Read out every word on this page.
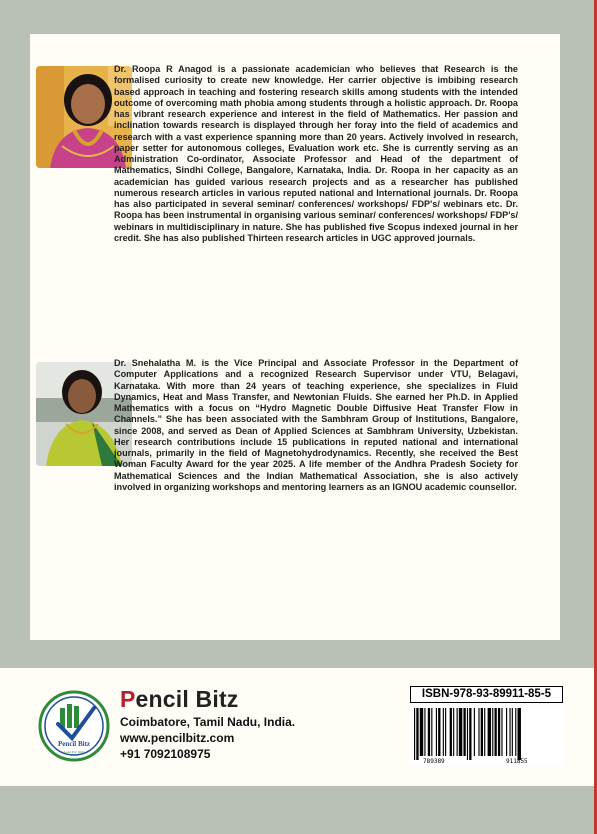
Dr. Roopa R Anagod is a passionate academician who believes that Research is the formalised curiosity to create new knowledge. Her carrier objective is imbibing research based approach in teaching and fostering research skills among students with the intended outcome of overcoming math phobia among students through a holistic approach. Dr. Roopa has vibrant research experience and interest in the field of Mathematics. Her passion and inclination towards research is displayed through her foray into the field of academics and research with a vast experience spanning more than 20 years. Actively involved in research, paper setter for autonomous colleges, Evaluation work etc. She is currently serving as an Administration Co-ordinator, Associate Professor and Head of the department of Mathematics, Sindhi College, Bangalore, Karnataka, India. Dr. Roopa in her capacity as an academician has guided various research projects and as a researcher has published numerous research articles in various reputed national and International journals. Dr. Roopa has also participated in several seminar/ conferences/ workshops/ FDP's/ webinars etc. Dr. Roopa has been instrumental in organising various seminar/ conferences/ workshops/ FDP's/ webinars in multidisciplinary in nature. She has published five Scopus indexed journal in her credit. She has also published Thirteen research articles in UGC approved journals.
Dr. Snehalatha M. is the Vice Principal and Associate Professor in the Department of Computer Applications and a recognized Research Supervisor under VTU, Belagavi, Karnataka. With more than 24 years of teaching experience, she specializes in Fluid Dynamics, Heat and Mass Transfer, and Newtonian Fluids. She earned her Ph.D. in Applied Mathematics with a focus on “Hydro Magnetic Double Diffusive Heat Transfer Flow in Channels.” She has been associated with the Sambhram Group of Institutions, Bangalore, since 2008, and served as Dean of Applied Sciences at Sambhram University, Uzbekistan. Her research contributions include 15 publications in reputed national and international journals, primarily in the field of Magnetohydrodynamics. Recently, she received the Best Woman Faculty Award for the year 2025. A life member of the Andhra Pradesh Society for Mathematical Sciences and the Indian Mathematical Association, she is also actively involved in organizing workshops and mentoring learners as an IGNOU academic counsellor.
Pencil Bitz
Lead For Well
Pencil Bitz
Coimbatore, Tamil Nadu, India.
www.pencilbitz.com
+91 7092108975
ISBN-978-93-89911-85-5
789389	911855
